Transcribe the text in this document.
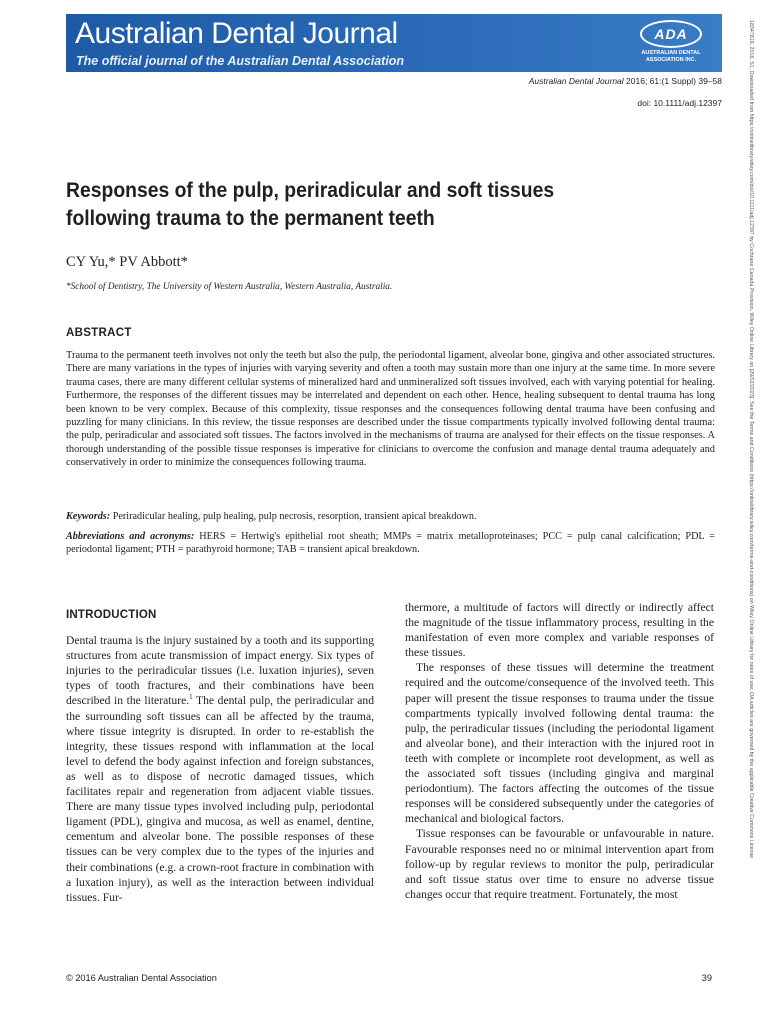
Australian Dental Journal
The official journal of the Australian Dental Association
ADA
AUSTRALIAN DENTAL
ASSOCIATION INC.
Australian Dental Journal 2016; 61:(1 Suppl) 39–58
doi: 10.1111/adj.12397
Responses of the pulp, periradicular and soft tissues following trauma to the permanent teeth
CY Yu,* PV Abbott*
*School of Dentistry, The University of Western Australia, Western Australia, Australia.
ABSTRACT

Trauma to the permanent teeth involves not only the teeth but also the pulp, the periodontal ligament, alveolar bone, gingiva and other associated structures. There are many variations in the types of injuries with varying severity and often a tooth may sustain more than one injury at the same time. In more severe trauma cases, there are many different cellular systems of mineralized hard and unmineralized soft tissues involved, each with varying potential for healing. Furthermore, the responses of the different tissues may be interrelated and dependent on each other. Hence, healing subsequent to dental trauma has long been known to be very complex. Because of this complexity, tissue responses and the consequences following dental trauma have been confusing and puzzling for many clinicians. In this review, the tissue responses are described under the tissue compartments typically involved following dental trauma: the pulp, periradicular and associated soft tissues. The factors involved in the mechanisms of trauma are analysed for their effects on the tissue responses. A thorough understanding of the possible tissue responses is imperative for clinicians to overcome the confusion and manage dental trauma adequately and conservatively in order to minimize the consequences following trauma.

Keywords: Periradicular healing, pulp healing, pulp necrosis, resorption, transient apical breakdown.

Abbreviations and acronyms: HERS = Hertwig's epithelial root sheath; MMPs = matrix metalloproteinases; PCC = pulp canal calcification; PDL = periodontal ligament; PTH = parathyroid hormone; TAB = transient apical breakdown.

INTRODUCTION

Dental trauma is the injury sustained by a tooth and its supporting structures from acute transmission of impact energy. Six types of injuries to the periradicular tissues (i.e. luxation injuries), seven types of tooth fractures, and their combinations have been described in the literature.$^1$ The dental pulp, the periradicular and the surrounding soft tissues can all be affected by the trauma, where tissue integrity is disrupted. In order to re-establish the integrity, these tissues respond with inflammation at the local level to defend the body against infection and foreign substances, as well as to dispose of necrotic damaged tissues, which facilitates repair and regeneration from adjacent viable tissues. There are many tissue types involved including pulp, periodontal ligament (PDL), gingiva and mucosa, as well as enamel, dentine, cementum and alveolar bone. The possible responses of these tissues can be very complex due to the types of the injuries and their combinations (e.g. a crown-root fracture in combination with a luxation injury), as well as the interaction between individual tissues. Fur-

thermore, a multitude of factors will directly or indirectly affect the magnitude of the tissue inflammatory process, resulting in the manifestation of even more complex and variable responses of these tissues.

The responses of these tissues will determine the treatment required and the outcome/consequence of the involved teeth. This paper will present the tissue responses to trauma under the tissue compartments typically involved following dental trauma: the pulp, the periradicular tissues (including the periodontal ligament and alveolar bone), and their interaction with the injured root in teeth with complete or incomplete root development, as well as the associated soft tissues (including gingiva and marginal periodontium). The factors affecting the outcomes of the tissue responses will be considered subsequently under the categories of mechanical and biological factors.

Tissue responses can be favourable or unfavourable in nature. Favourable responses need no or minimal intervention apart from follow-up by regular reviews to monitor the pulp, periradicular and soft tissue status over time to ensure no adverse tissue changes occur that require treatment. Fortunately, the most

© 2016 Australian Dental Association	39
18347819, 2016, S1, Downloaded from https://onlinelibrary.wiley.com/doi/10.1111/adj.12397 by Cochrane Canada Provision, Wiley Online Library on [29/02/2023]. See the Terms and Conditions (https://onlinelibrary.wiley.com/terms-and-conditions) on Wiley Online Library for rules of use; OA articles are governed by the applicable Creative Commons License
